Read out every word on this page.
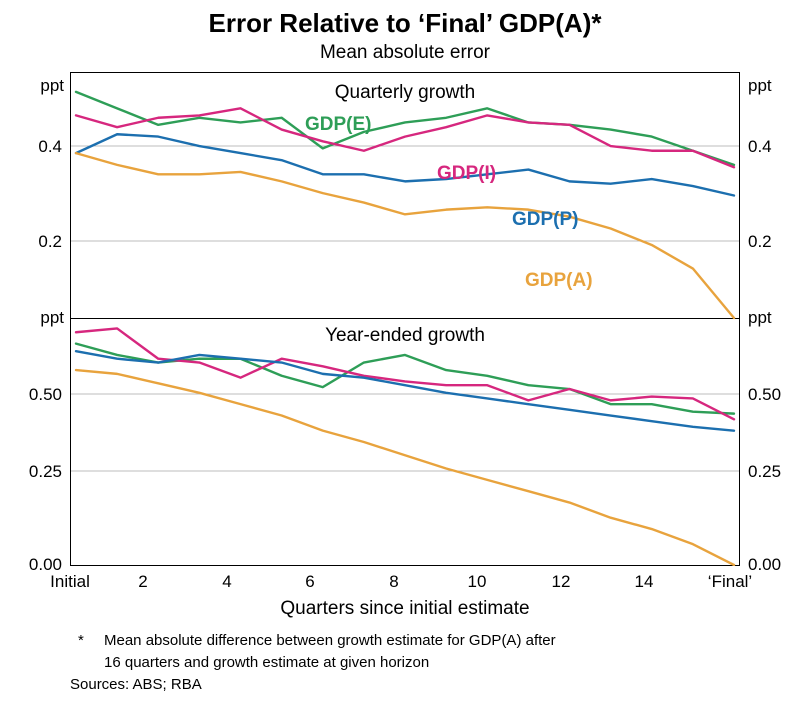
Error Relative to ‘Final’ GDP(A)*
Mean absolute error
Quarterly growth
Year-ended growth
ppt	ppt
ppt	ppt
0.2
0.4
0.2
0.4
0.00
0.25
0.50
0.00
0.25
0.50
GDP(E)
GDP(I)
GDP(P)
GDP(A)
Initial	2	4	6	8	10	12	14	‘Final’
Quarters since initial estimate
* Mean absolute difference between growth estimate for GDP(A) after
16 quarters and growth estimate at given horizon
Sources: ABS; RBA
